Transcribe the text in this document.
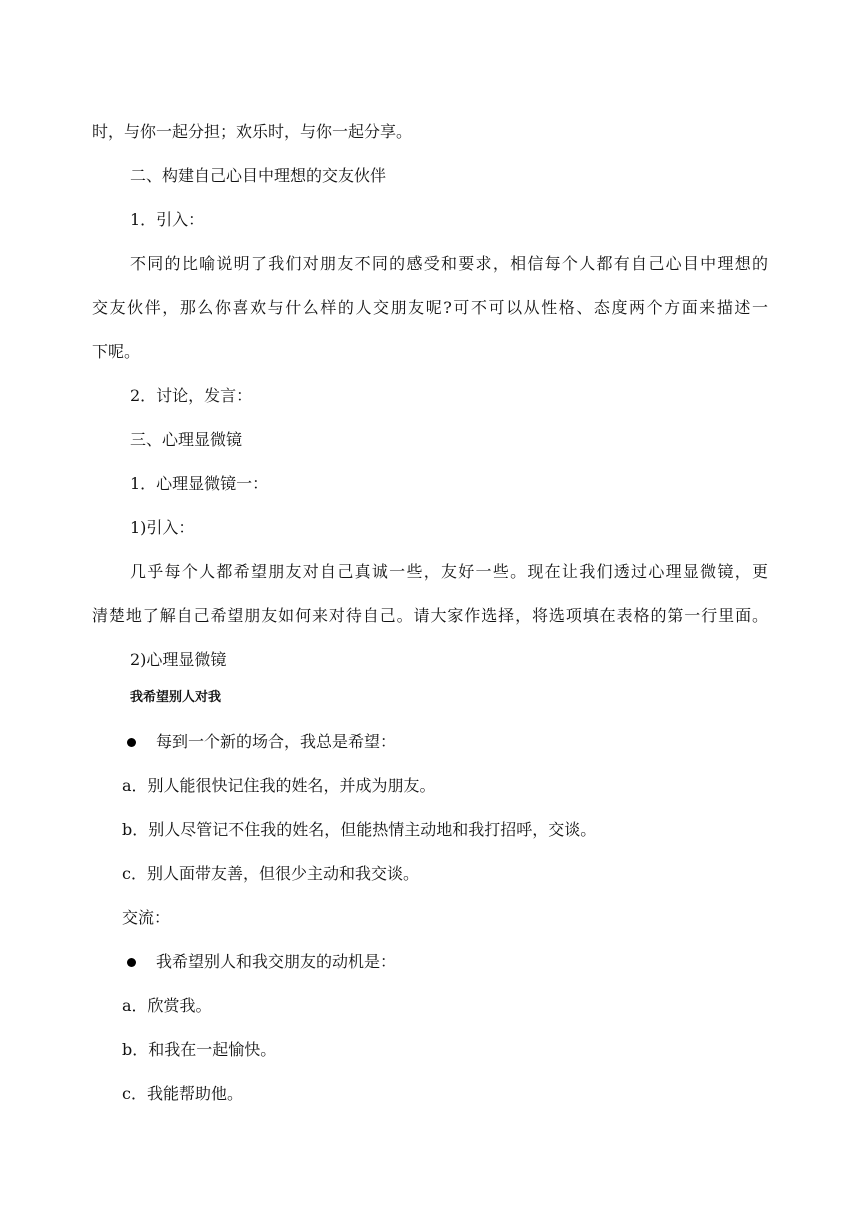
时，与你一起分担；欢乐时，与你一起分享。
二、构建自己心目中理想的交友伙伴
1．引入：
不同的比喻说明了我们对朋友不同的感受和要求，相信每个人都有自己心目中理想的
交友伙伴，那么你喜欢与什么样的人交朋友呢?可不可以从性格、态度两个方面来描述一
下呢。
2．讨论，发言：
三、心理显微镜
1．心理显微镜一：
1)引入：
几乎每个人都希望朋友对自己真诚一些，友好一些。现在让我们透过心理显微镜，更
清楚地了解自己希望朋友如何来对待自己。请大家作选择，将选项填在表格的第一行里面。
2)心理显微镜
我希望别人对我
每到一个新的场合，我总是希望：
a．别人能很快记住我的姓名，并成为朋友。
b．别人尽管记不住我的姓名，但能热情主动地和我打招呼，交谈。
c．别人面带友善，但很少主动和我交谈。
交流：
我希望别人和我交朋友的动机是：
a．欣赏我。
b．和我在一起愉快。
c．我能帮助他。
